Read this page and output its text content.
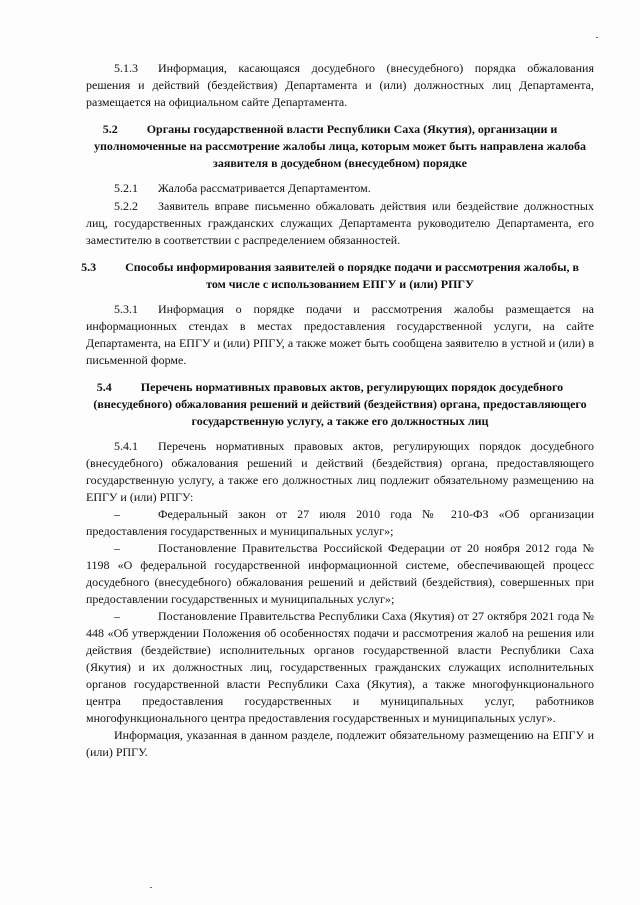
5.1.3 Информация, касающаяся досудебного (внесудебного) порядка обжалования решения и действий (бездействия) Департамента и (или) должностных лиц Департамента, размещается на официальном сайте Департамента.

5.2 Органы государственной власти Республики Саха (Якутия), организации и уполномоченные на рассмотрение жалобы лица, которым может быть направлена жалоба заявителя в досудебном (внесудебном) порядке

5.2.1 Жалоба рассматривается Департаментом.

5.2.2 Заявитель вправе письменно обжаловать действия или бездействие должностных лиц, государственных гражданских служащих Департамента руководителю Департамента, его заместителю в соответствии с распределением обязанностей.

5.3 Способы информирования заявителей о порядке подачи и рассмотрения жалобы, в том числе с использованием ЕПГУ и (или) РПГУ

5.3.1 Информация о порядке подачи и рассмотрения жалобы размещается на информационных стендах в местах предоставления государственной услуги, на сайте Департамента, на ЕПГУ и (или) РПГУ, а также может быть сообщена заявителю в устной и (или) в письменной форме.

5.4 Перечень нормативных правовых актов, регулирующих порядок досудебного (внесудебного) обжалования решений и действий (бездействия) органа, предоставляющего государственную услугу, а также его должностных лиц

5.4.1 Перечень нормативных правовых актов, регулирующих порядок досудебного (внесудебного) обжалования решений и действий (бездействия) органа, предоставляющего государственную услугу, а также его должностных лиц подлежит обязательному размещению на ЕПГУ и (или) РПГУ:

–	Федеральный закон от 27 июля 2010 года № 210-ФЗ «Об организации предоставления государственных и муниципальных услуг»;

–	Постановление Правительства Российской Федерации от 20 ноября 2012 года № 1198 «О федеральной государственной информационной системе, обеспечивающей процесс досудебного (внесудебного) обжалования решений и действий (бездействия), совершенных при предоставлении государственных и муниципальных услуг»;

–	Постановление Правительства Республики Саха (Якутия) от 27 октября 2021 года № 448 «Об утверждении Положения об особенностях подачи и рассмотрения жалоб на решения или действия (бездействие) исполнительных органов государственной власти Республики Саха (Якутия) и их должностных лиц, государственных гражданских служащих исполнительных органов государственной власти Республики Саха (Якутия), а также многофункционального центра предоставления государственных и муниципальных услуг, работников многофункционального центра предоставления государственных и муниципальных услуг».

Информация, указанная в данном разделе, подлежит обязательному размещению на ЕПГУ и (или) РПГУ.
